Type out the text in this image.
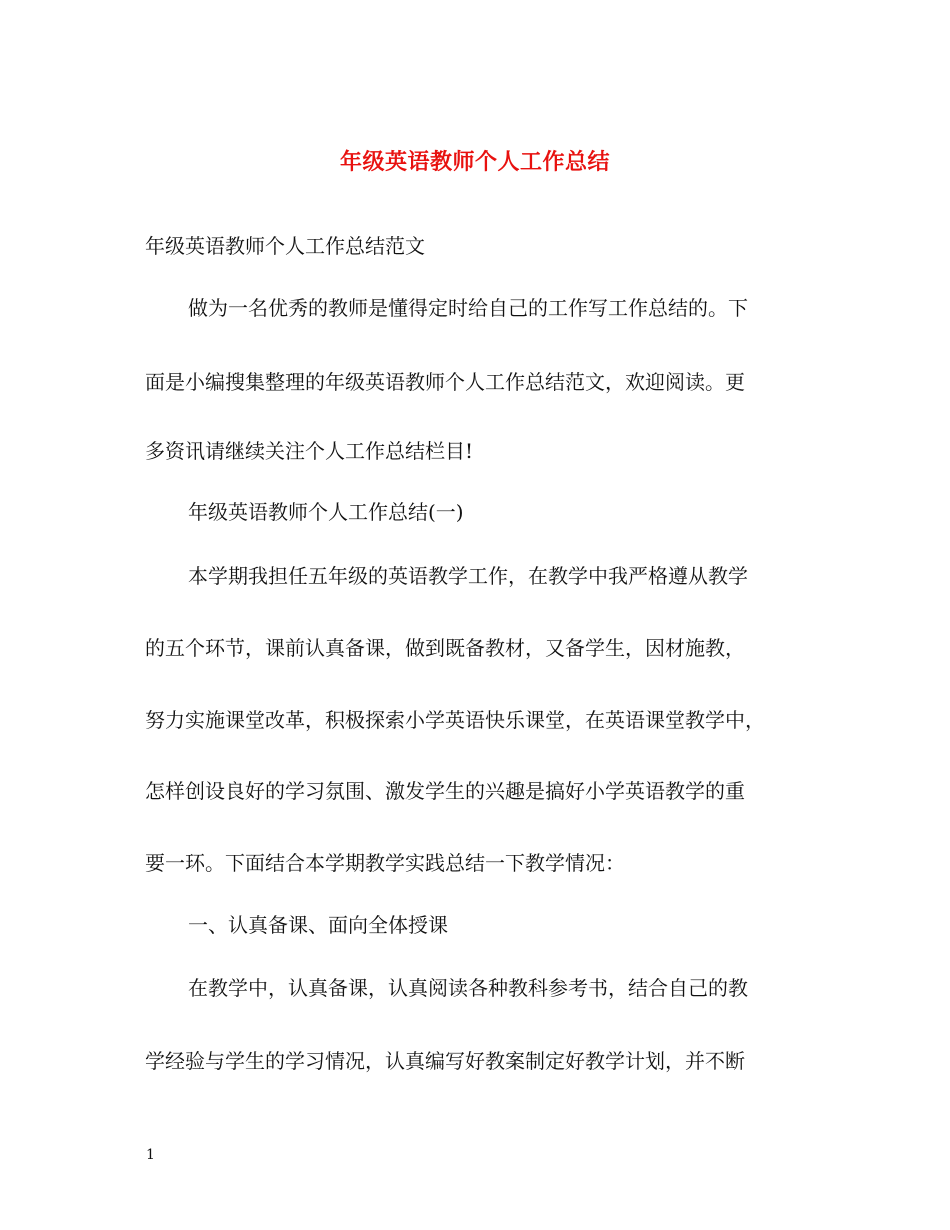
年级英语教师个人工作总结
年级英语教师个人工作总结范文
做为一名优秀的教师是懂得定时给自己的工作写工作总结的。下
面是小编搜集整理的年级英语教师个人工作总结范文，欢迎阅读。更
多资讯请继续关注个人工作总结栏目!
年级英语教师个人工作总结(一)
本学期我担任五年级的英语教学工作，在教学中我严格遵从教学
的五个环节，课前认真备课，做到既备教材，又备学生，因材施教，
努力实施课堂改革，积极探索小学英语快乐课堂，在英语课堂教学中，
怎样创设良好的学习氛围、激发学生的兴趣是搞好小学英语教学的重
要一环。下面结合本学期教学实践总结一下教学情况：
一、认真备课、面向全体授课
在教学中，认真备课，认真阅读各种教科参考书，结合自己的教
学经验与学生的学习情况，认真编写好教案制定好教学计划，并不断
1
